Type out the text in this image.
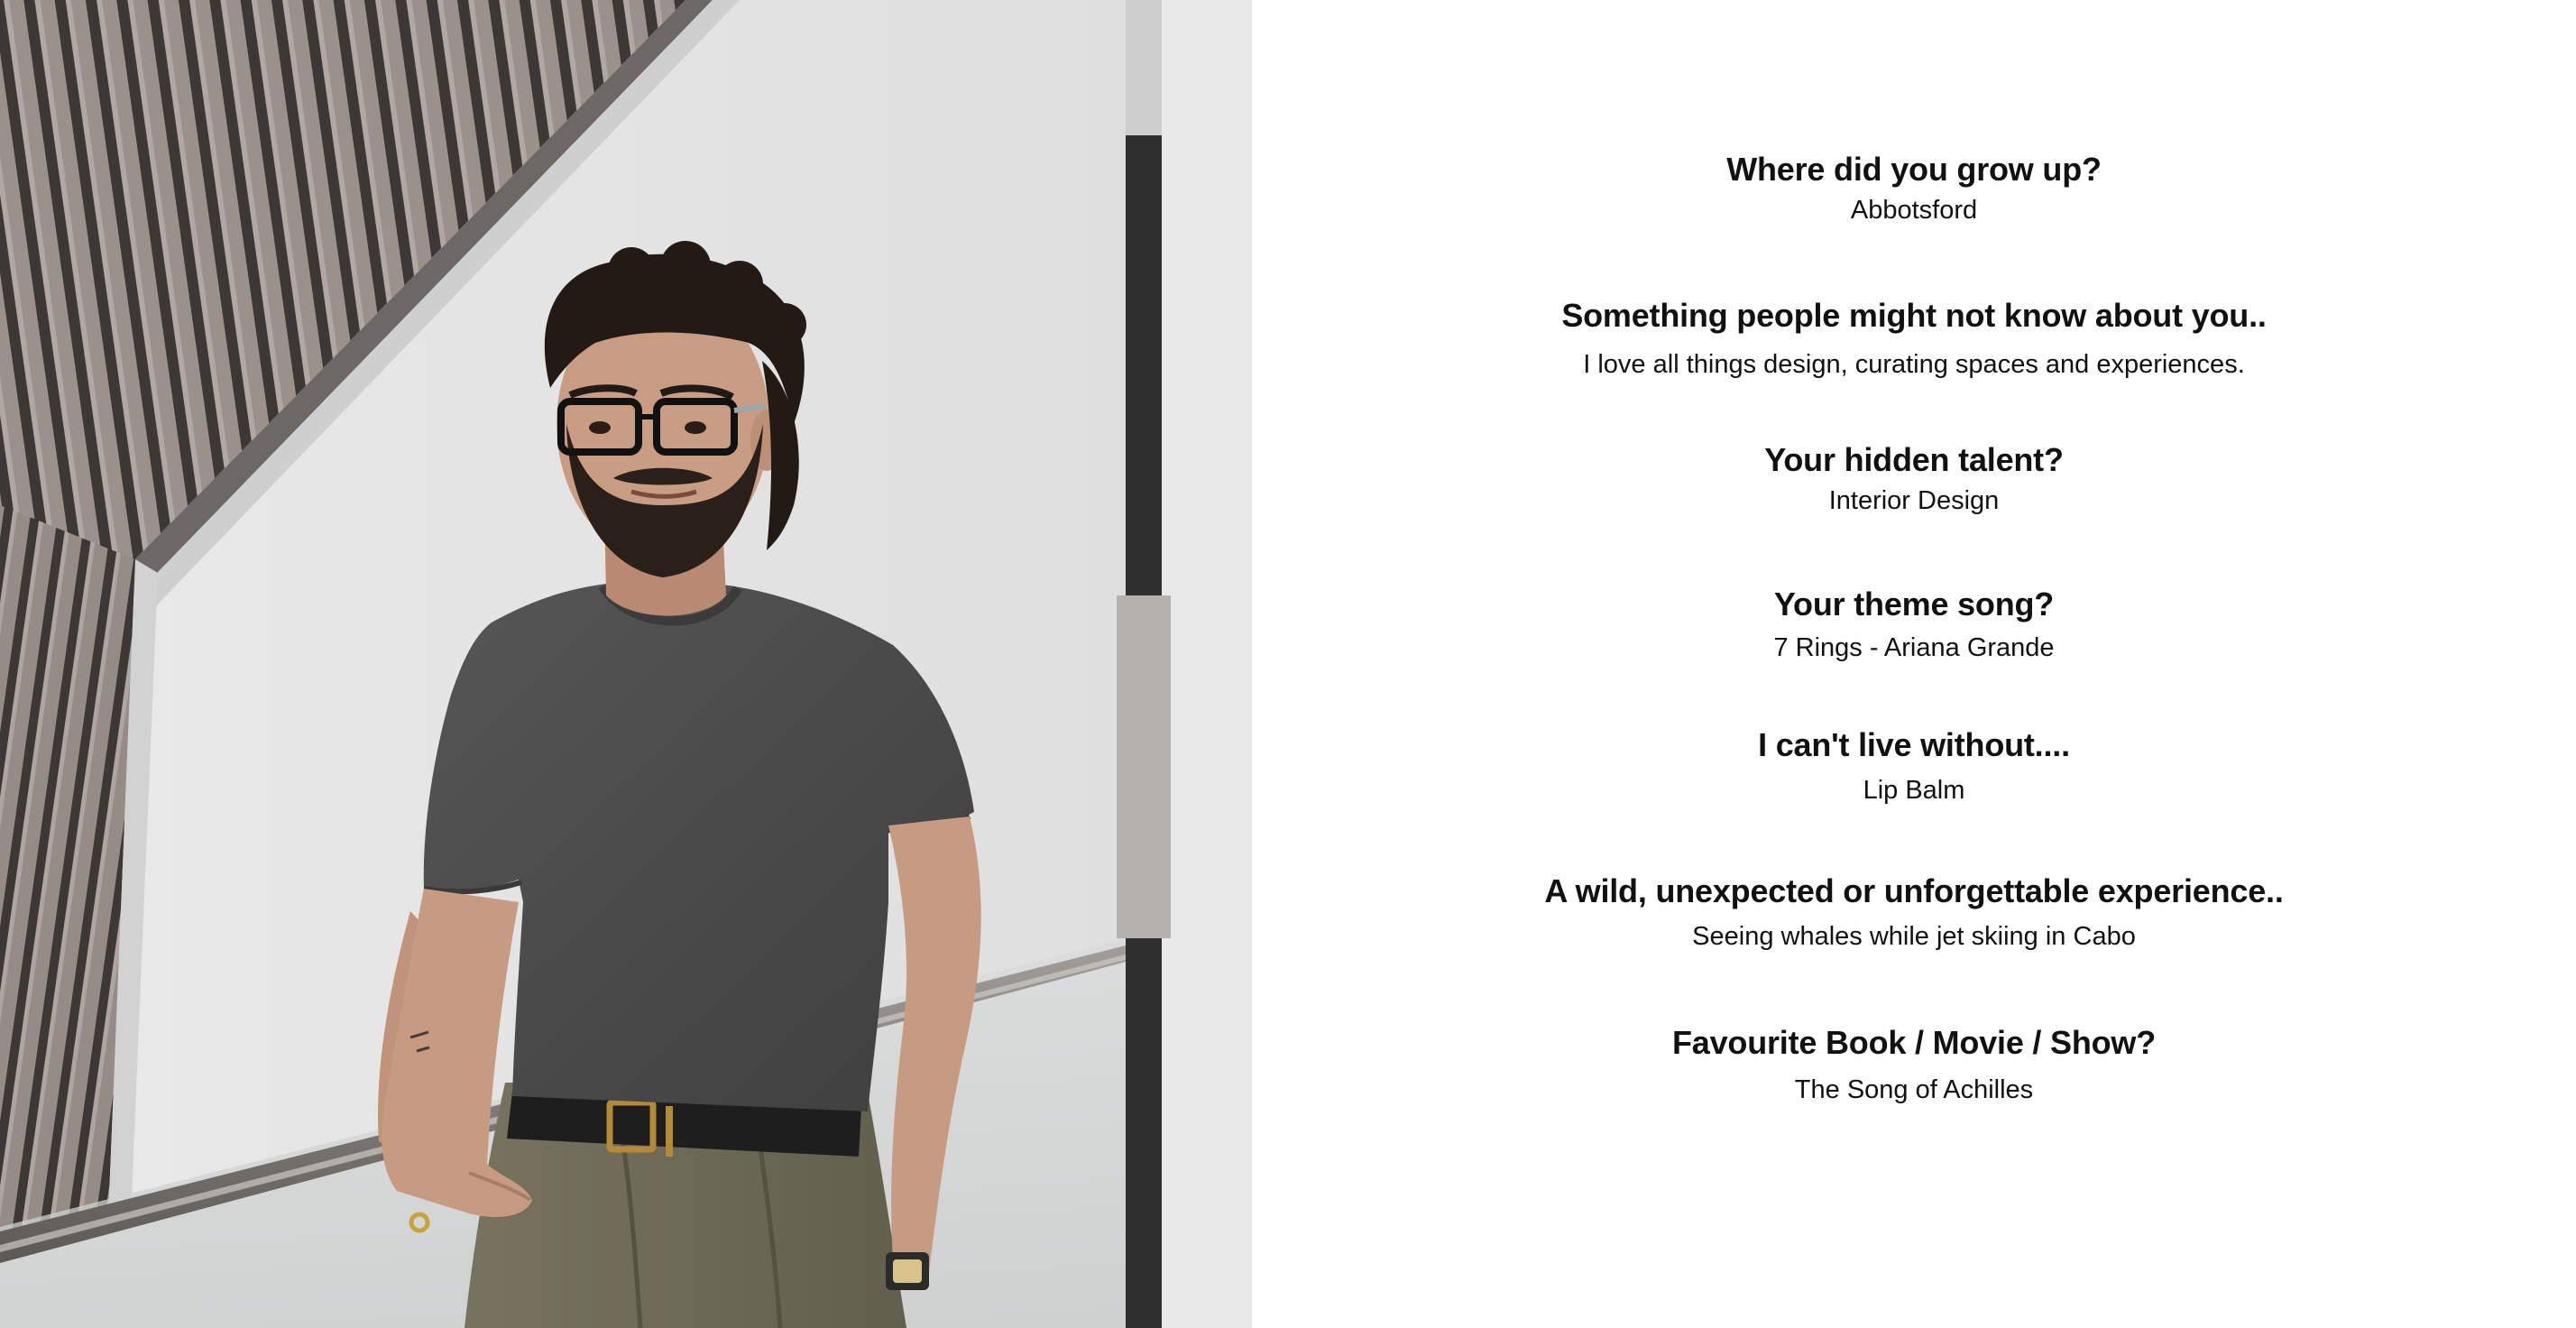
Where did you grow up?
Abbotsford
Something people might not know about you..
I love all things design, curating spaces and experiences.
Your hidden talent?
Interior Design
Your theme song?
7 Rings - Ariana Grande
I can't live without....
Lip Balm
A wild, unexpected or unforgettable experience..
Seeing whales while jet skiing in Cabo
Favourite Book / Movie / Show?
The Song of Achilles
